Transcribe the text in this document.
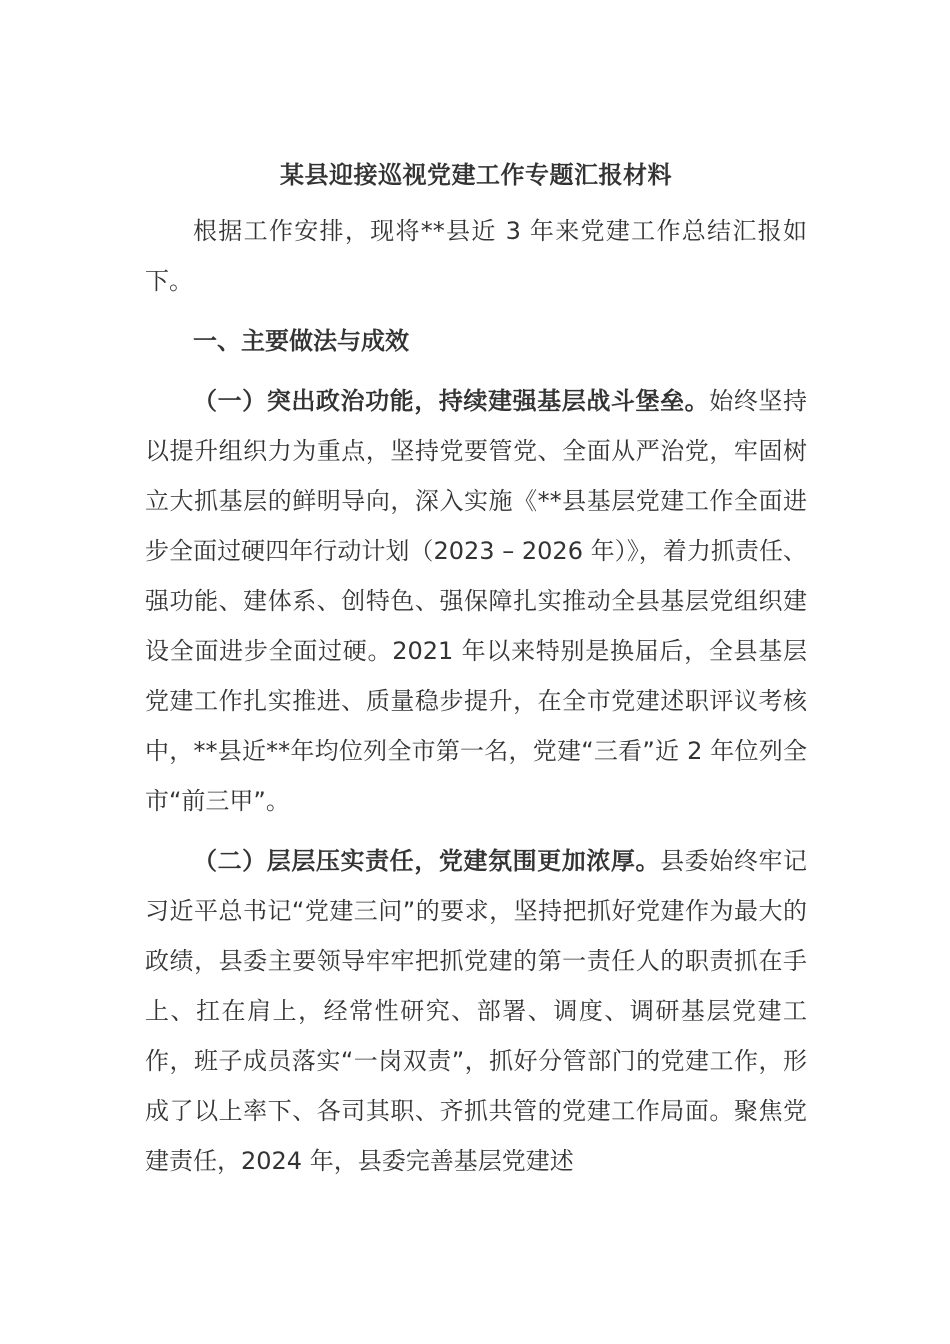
某县迎接巡视党建工作专题汇报材料

根据工作安排，现将**县近 3 年来党建工作总结汇报如下。

一、主要做法与成效

（一）突出政治功能，持续建强基层战斗堡垒。始终坚持以提升组织力为重点，坚持党要管党、全面从严治党，牢固树立大抓基层的鲜明导向，深入实施《**县基层党建工作全面进步全面过硬四年行动计划（2023 – 2026 年）》，着力抓责任、强功能、建体系、创特色、强保障扎实推动全县基层党组织建设全面进步全面过硬。2021 年以来特别是换届后，全县基层党建工作扎实推进、质量稳步提升，在全市党建述职评议考核中，**县近**年均位列全市第一名，党建“三看”近 2 年位列全市“前三甲”。

（二）层层压实责任，党建氛围更加浓厚。县委始终牢记习近平总书记“党建三问”的要求，坚持把抓好党建作为最大的政绩，县委主要领导牢牢把抓党建的第一责任人的职责抓在手上、扛在肩上，经常性研究、部署、调度、调研基层党建工作，班子成员落实“一岗双责”，抓好分管部门的党建工作，形成了以上率下、各司其职、齐抓共管的党建工作局面。聚焦党建责任，2024 年，县委完善基层党建述
